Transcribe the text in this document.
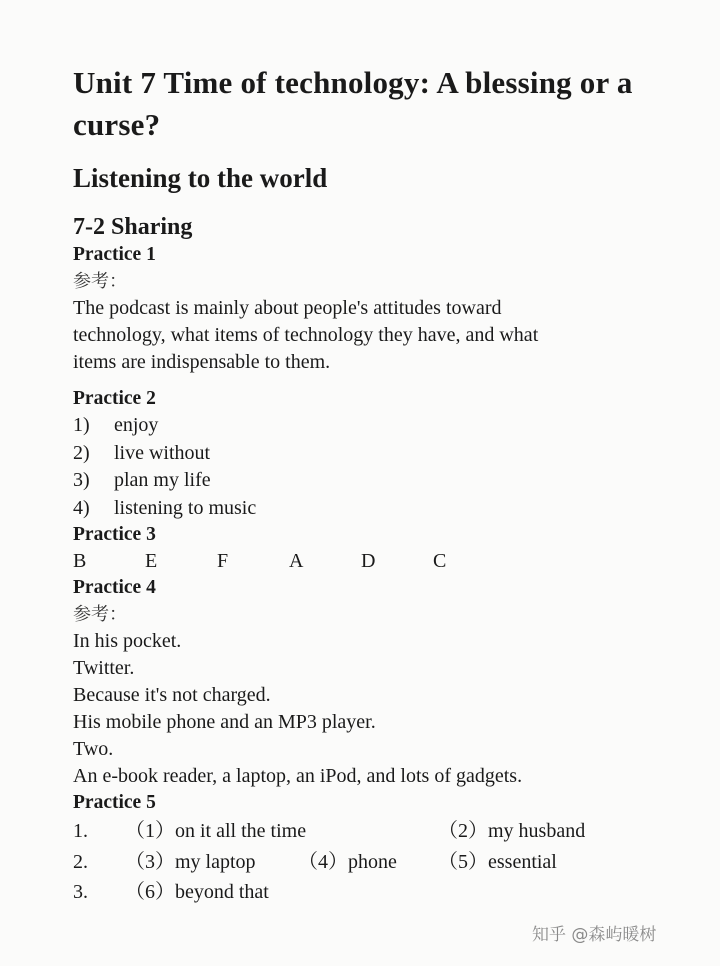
Unit 7 Time of technology: A blessing or a curse?
Listening to the world
7-2 Sharing
Practice 1
参考：
The podcast is mainly about people's attitudes toward
technology, what items of technology they have, and what
items are indispensable to them.
Practice 2
1)	enjoy
2)	live without
3)	plan my life
4)	listening to music
Practice 3
B	E	F	A	D	C
Practice 4
参考：
In his pocket.
Twitter.
Because it's not charged.
His mobile phone and an MP3 player.
Two.
An e-book reader, a laptop, an iPod, and lots of gadgets.
Practice 5
1.	（1）on it all the time	（2）my husband
2.	（3）my laptop	（4）phone	（5）essential
3.	（6）beyond that
知乎 @森屿暖树
